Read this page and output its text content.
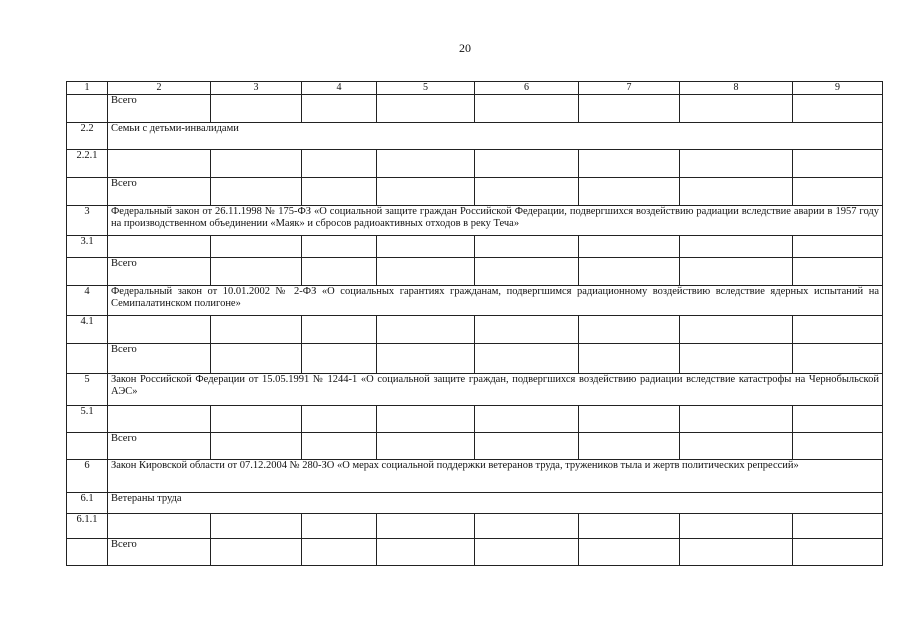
20
1	2	3	4	5	6	7	8	9
	Всего							
2.2	Семьи с детьми-инвалидами							
2.2.1								
	Всего							
3	Федеральный закон от 26.11.1998 № 175-ФЗ «О социальной защите граждан Российской Федерации, подвергшихся воздействию радиации вследствие аварии в 1957 году на производственном объединении «Маяк» и сбросов радиоактивных отходов в реку Теча»							
3.1								
	Всего							
4	Федеральный закон от 10.01.2002 № 2-ФЗ «О социальных гарантиях гражданам, подвергшимся радиационному воздействию вследствие ядерных испытаний на Семипалатинском полигоне»							
4.1								
	Всего							
5	Закон Российской Федерации от 15.05.1991 № 1244-1 «О социальной защите граждан, подвергшихся воздействию радиации вследствие катастрофы на Чернобыльской АЭС»							
5.1								
	Всего							
6	Закон Кировской области от 07.12.2004 № 280-ЗО «О мерах социальной поддержки ветеранов труда, тружеников тыла и жертв политических репрессий»							
6.1	Ветераны труда							
6.1.1								
	Всего							
